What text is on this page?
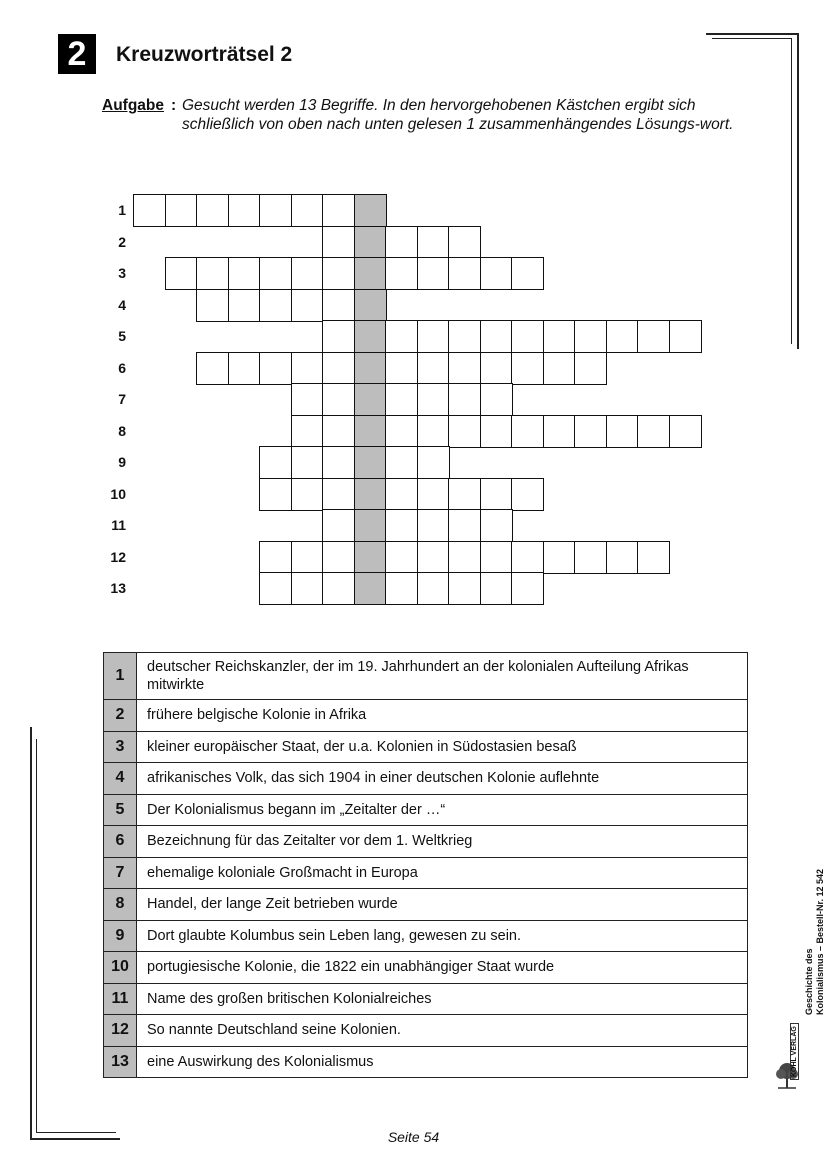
2	Kreuzworträtsel 2
Aufgabe : Gesucht werden 13 Begriffe. In den hervorgehobenen Kästchen ergibt sich schließlich von oben nach unten gelesen 1 zusammenhängendes Lösungs-wort.
1
2
3
4
5
6
7
8
9
10
11
12
13
1	deutscher Reichskanzler, der im 19. Jahrhundert an der kolonialen Aufteilung Afrikas mitwirkte
2	frühere belgische Kolonie in Afrika
3	kleiner europäischer Staat, der u.a. Kolonien in Südostasien besaß
4	afrikanisches Volk, das sich 1904 in einer deutschen Kolonie auflehnte
5	Der Kolonialismus begann im „Zeitalter der …“
6	Bezeichnung für das Zeitalter vor dem 1. Weltkrieg
7	ehemalige koloniale Großmacht in Europa
8	Handel, der lange Zeit betrieben wurde
9	Dort glaubte Kolumbus sein Leben lang, gewesen zu sein.
10	portugiesische Kolonie, die 1822 ein unabhängiger Staat wurde
11	Name des großen britischen Kolonialreiches
12	So nannte Deutschland seine Kolonien.
13	eine Auswirkung des Kolonialismus
Geschichte des Kolonialismus – Bestell-Nr. 12 542
KOHL VERLAG
Seite 54
